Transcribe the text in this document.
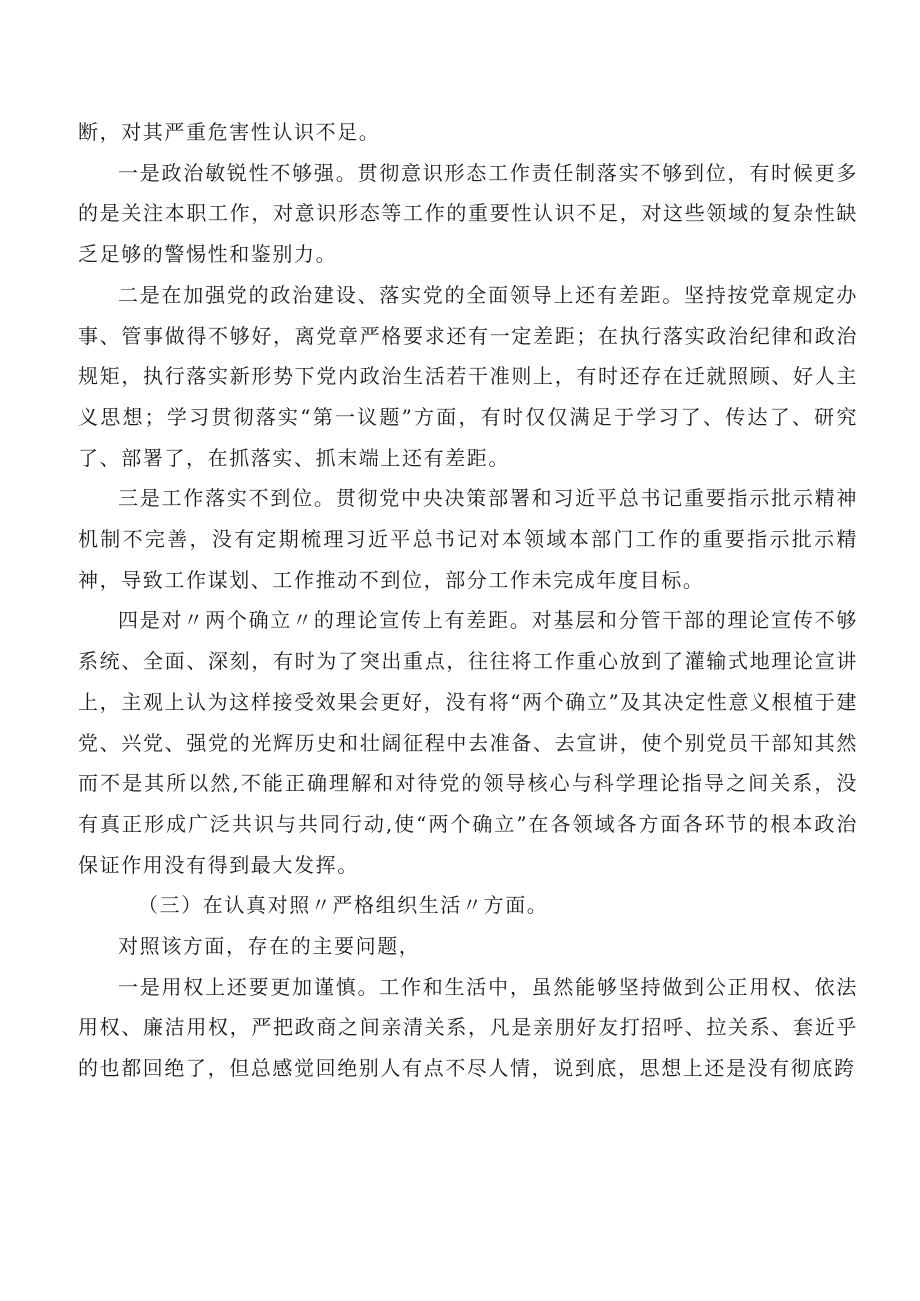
断，对其严重危害性认识不足。

一是政治敏锐性不够强。贯彻意识形态工作责任制落实不够到位，有时候更多的是关注本职工作，对意识形态等工作的重要性认识不足，对这些领域的复杂性缺乏足够的警惕性和鉴别力。

二是在加强党的政治建设、落实党的全面领导上还有差距。坚持按党章规定办事、管事做得不够好，离党章严格要求还有一定差距；在执行落实政治纪律和政治规矩，执行落实新形势下党内政治生活若干准则上，有时还存在迁就照顾、好人主义思想；学习贯彻落实“第一议题”方面，有时仅仅满足于学习了、传达了、研究了、部署了，在抓落实、抓末端上还有差距。

三是工作落实不到位。贯彻党中央决策部署和习近平总书记重要指示批示精神机制不完善，没有定期梳理习近平总书记对本领域本部门工作的重要指示批示精神，导致工作谋划、工作推动不到位，部分工作未完成年度目标。

四是对〃两个确立〃的理论宣传上有差距。对基层和分管干部的理论宣传不够系统、全面、深刻，有时为了突出重点，往往将工作重心放到了灌输式地理论宣讲上，主观上认为这样接受效果会更好，没有将“两个确立”及其决定性意义根植于建党、兴党、强党的光辉历史和壮阔征程中去准备、去宣讲，使个别党员干部知其然而不是其所以然,不能正确理解和对待党的领导核心与科学理论指导之间关系，没有真正形成广泛共识与共同行动,使“两个确立”在各领域各方面各环节的根本政治保证作用没有得到最大发挥。

（三）在认真对照〃严格组织生活〃方面。

对照该方面，存在的主要问题，

一是用权上还要更加谨慎。工作和生活中，虽然能够坚持做到公正用权、依法用权、廉洁用权，严把政商之间亲清关系，凡是亲朋好友打招呼、拉关系、套近乎的也都回绝了，但总感觉回绝别人有点不尽人情，说到底，思想上还是没有彻底跨
